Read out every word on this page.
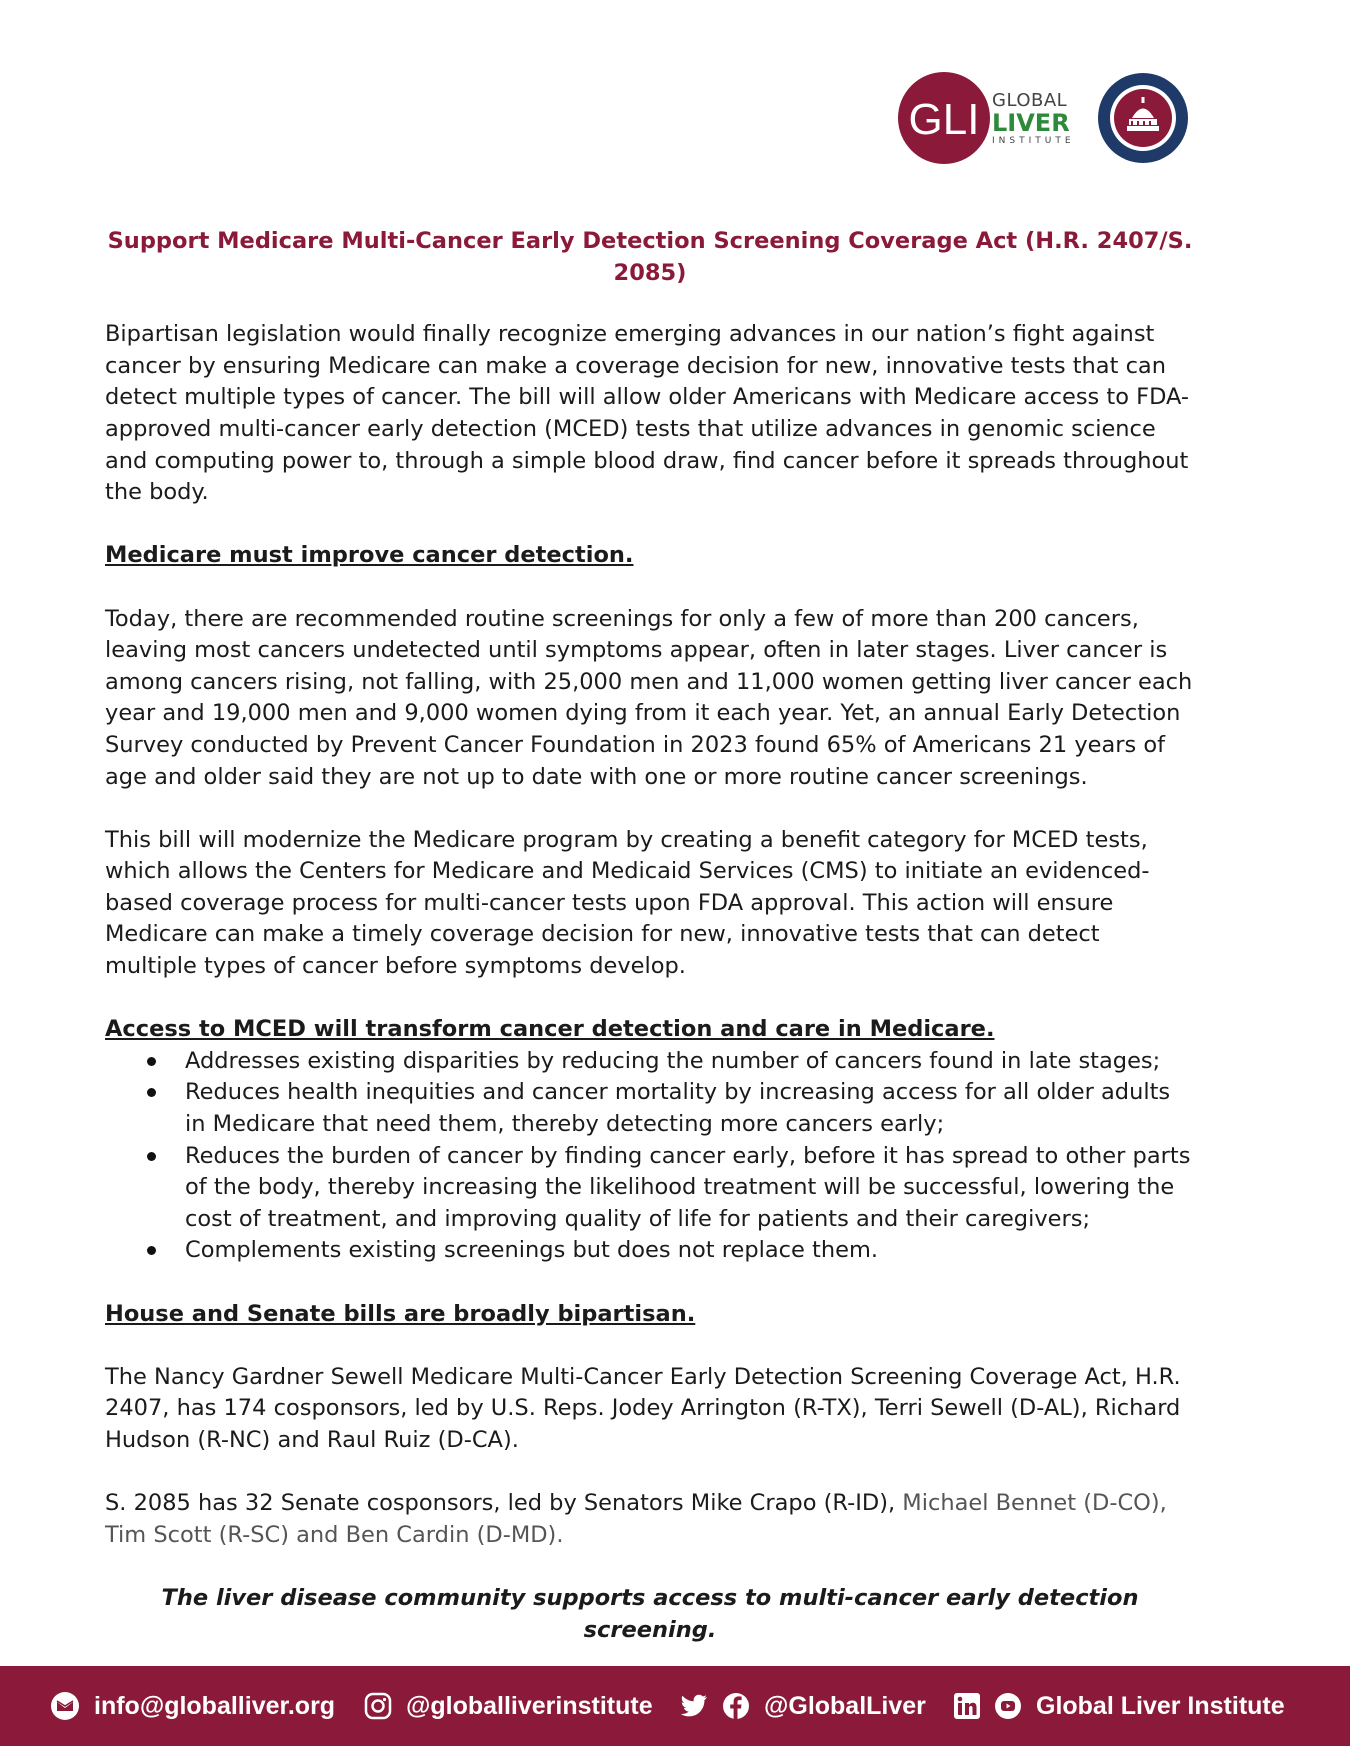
GLI GLOBAL
LIVER
INSTITUTE
Support Medicare Multi-Cancer Early Detection Screening Coverage Act (H.R. 2407/S. 2085)

Bipartisan legislation would finally recognize emerging advances in our nation’s fight against cancer by ensuring Medicare can make a coverage decision for new, innovative tests that can detect multiple types of cancer. The bill will allow older Americans with Medicare access to FDA-approved multi-cancer early detection (MCED) tests that utilize advances in genomic science and computing power to, through a simple blood draw, find cancer before it spreads throughout the body.

Medicare must improve cancer detection.

Today, there are recommended routine screenings for only a few of more than 200 cancers, leaving most cancers undetected until symptoms appear, often in later stages. Liver cancer is among cancers rising, not falling, with 25,000 men and 11,000 women getting liver cancer each year and 19,000 men and 9,000 women dying from it each year. Yet, an annual Early Detection Survey conducted by Prevent Cancer Foundation in 2023 found 65% of Americans 21 years of age and older said they are not up to date with one or more routine cancer screenings.

This bill will modernize the Medicare program by creating a benefit category for MCED tests, which allows the Centers for Medicare and Medicaid Services (CMS) to initiate an evidenced-based coverage process for multi-cancer tests upon FDA approval. This action will ensure Medicare can make a timely coverage decision for new, innovative tests that can detect multiple types of cancer before symptoms develop.

Access to MCED will transform cancer detection and care in Medicare.
Addresses existing disparities by reducing the number of cancers found in late stages;
Reduces health inequities and cancer mortality by increasing access for all older adults in Medicare that need them, thereby detecting more cancers early;
Reduces the burden of cancer by finding cancer early, before it has spread to other parts of the body, thereby increasing the likelihood treatment will be successful, lowering the cost of treatment, and improving quality of life for patients and their caregivers;
Complements existing screenings but does not replace them.
House and Senate bills are broadly bipartisan.

The Nancy Gardner Sewell Medicare Multi-Cancer Early Detection Screening Coverage Act, H.R. 2407, has 174 cosponsors, led by U.S. Reps. Jodey Arrington (R-TX), Terri Sewell (D-AL), Richard Hudson (R-NC) and Raul Ruiz (D-CA).

S. 2085 has 32 Senate cosponsors, led by Senators Mike Crapo (R-ID), Michael Bennet (D-CO), Tim Scott (R-SC) and Ben Cardin (D-MD).

The liver disease community supports access to multi-cancer early detection screening.
info@globalliver.org	@globalliverinstitute	@GlobalLiver	Global Liver Institute
